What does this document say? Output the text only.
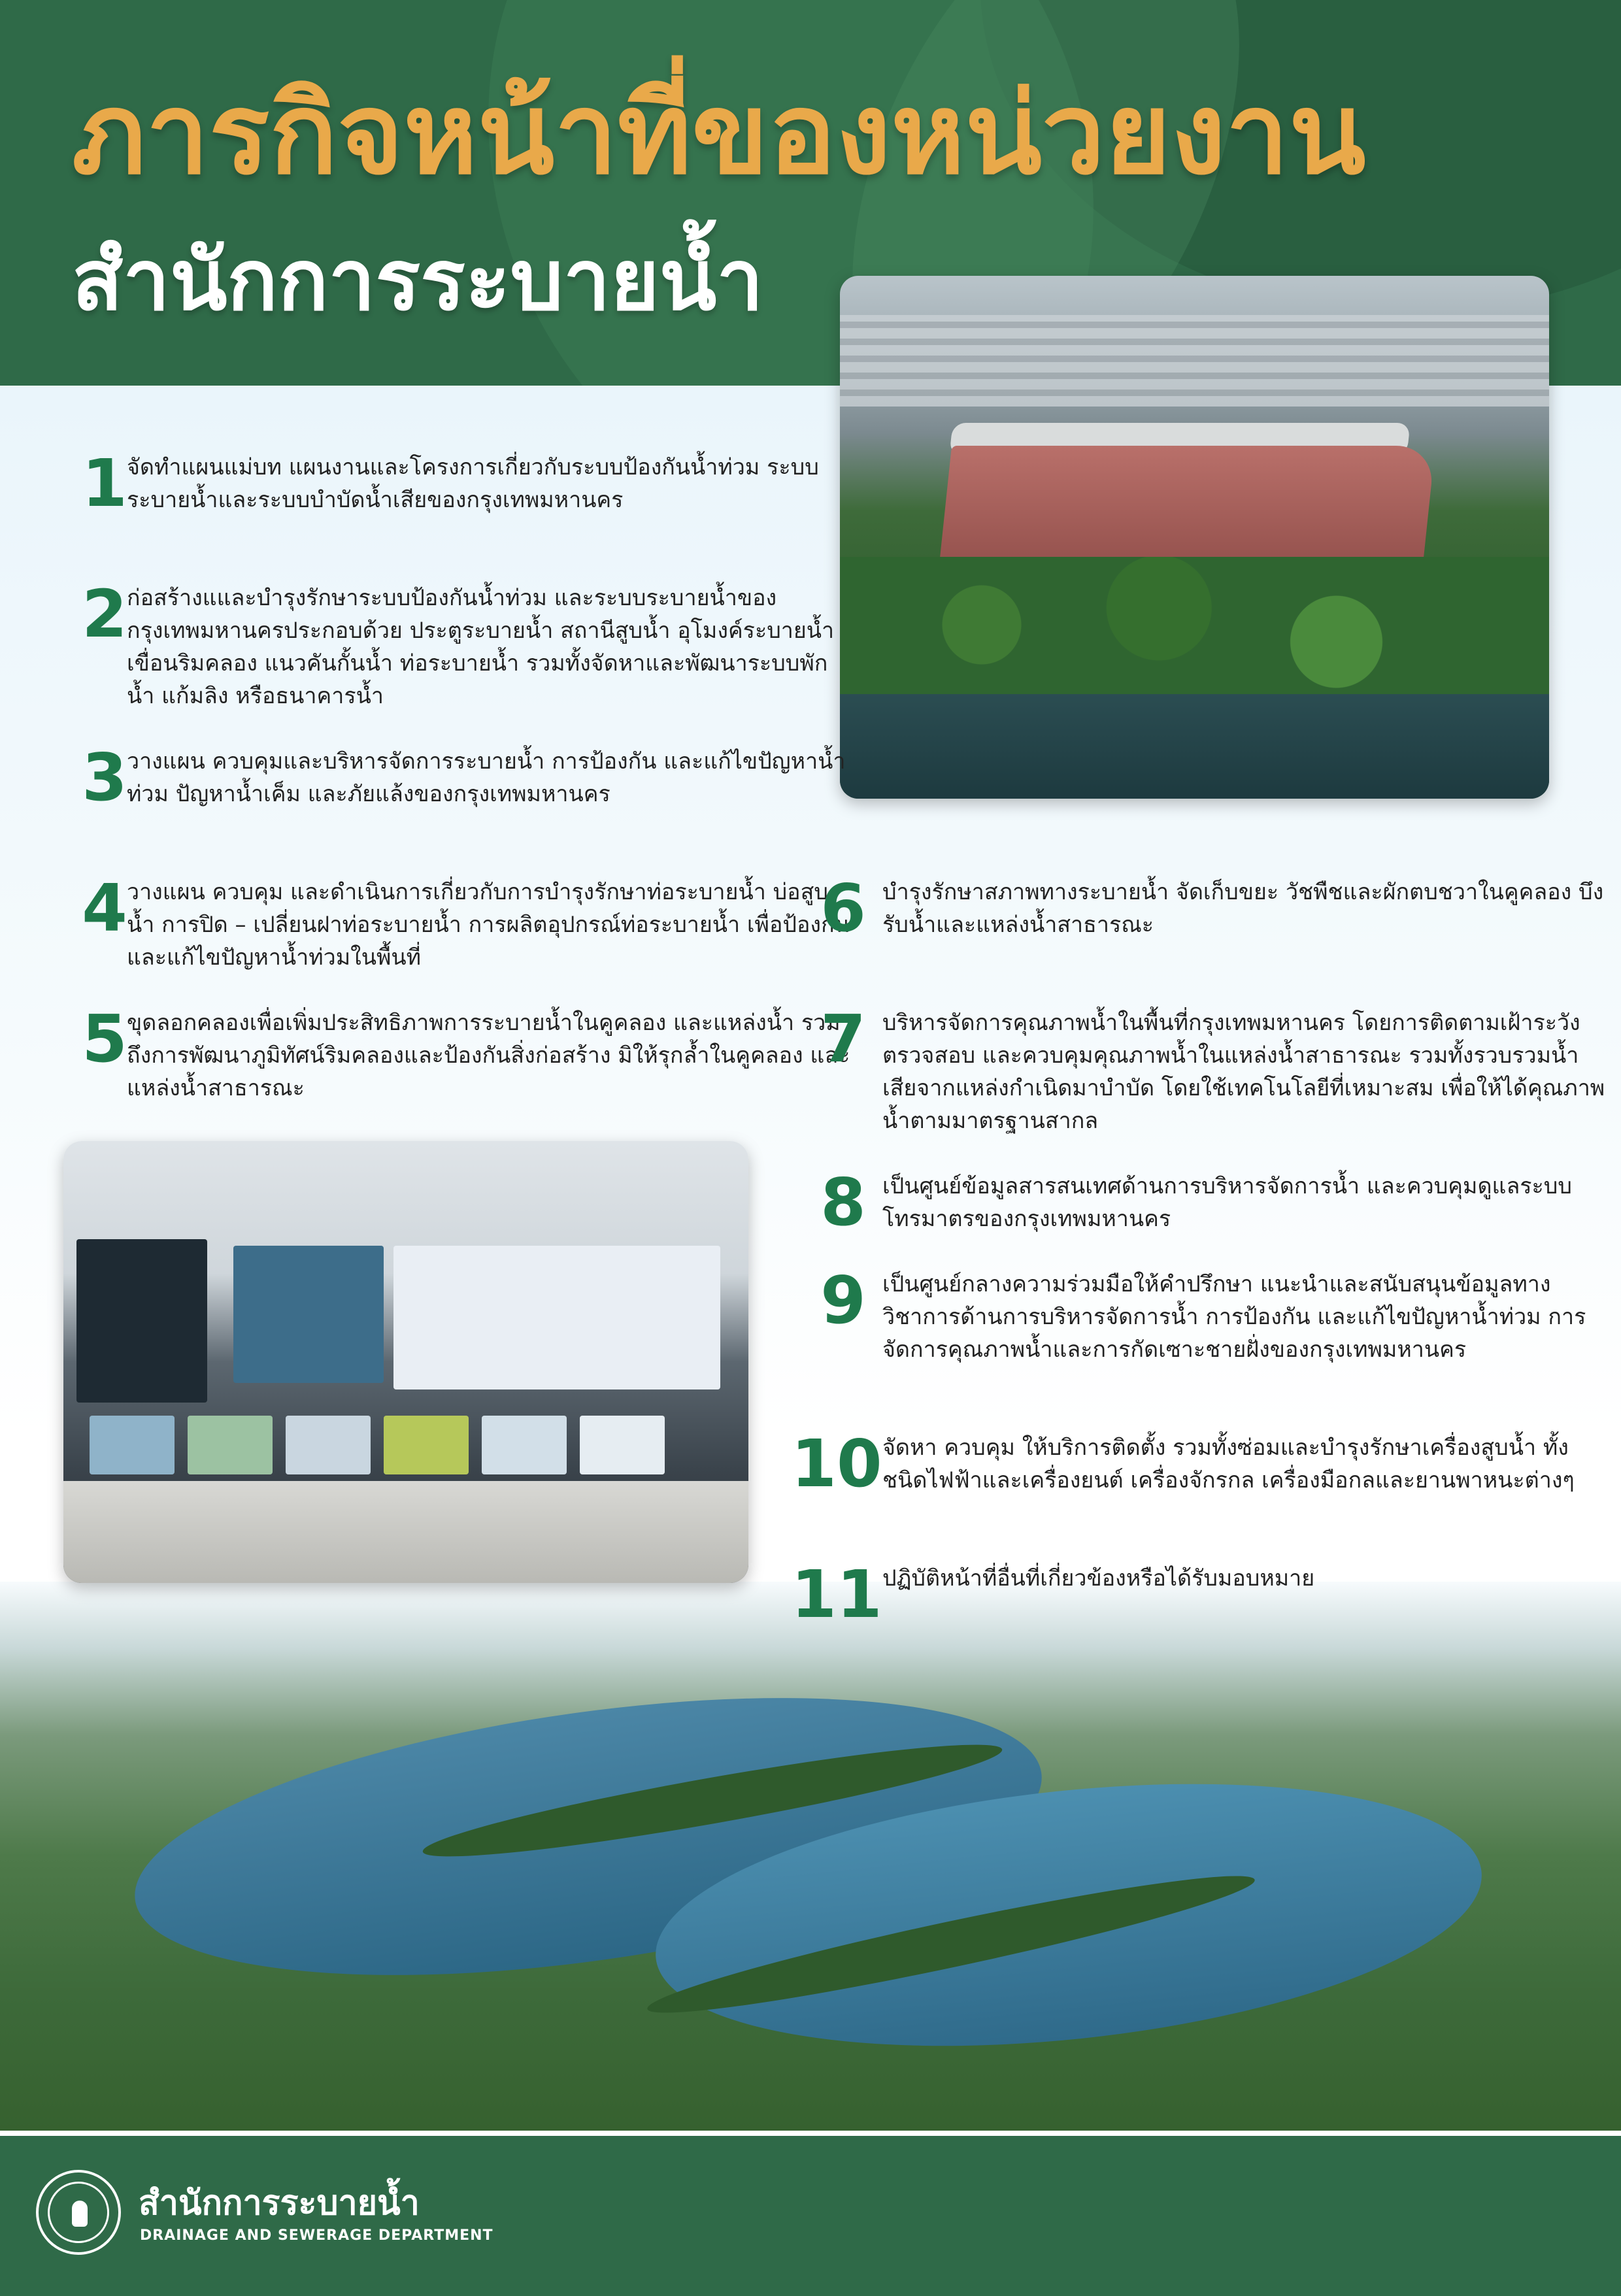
ภารกิจหน้าที่ของหน่วยงาน
สำนักการระบายน้ำ
1 จัดทำแผนแม่บท แผนงานและโครงการเกี่ยวกับระบบป้องกันน้ำท่วม ระบบระบายน้ำและระบบบำบัดน้ำเสียของกรุงเทพมหานคร

2 ก่อสร้างแและบำรุงรักษาระบบป้องกันน้ำท่วม และระบบระบายน้ำของกรุงเทพมหานครประกอบด้วย ประตูระบายน้ำ สถานีสูบน้ำ อุโมงค์ระบายน้ำ เขื่อนริมคลอง แนวคันกั้นน้ำ ท่อระบายน้ำ รวมทั้งจัดหาและพัฒนาระบบพักน้ำ แก้มลิง หรือธนาคารน้ำ

3 วางแผน ควบคุมและบริหารจัดการระบายน้ำ การป้องกัน และแก้ไขปัญหาน้ำท่วม ปัญหาน้ำเค็ม และภัยแล้งของกรุงเทพมหานคร

4 วางแผน ควบคุม และดำเนินการเกี่ยวกับการบำรุงรักษาท่อระบายน้ำ บ่อสูบน้ำ การปิด – เปลี่ยนฝาท่อระบายน้ำ การผลิตอุปกรณ์ท่อระบายน้ำ เพื่อป้องกันและแก้ไขปัญหาน้ำท่วมในพื้นที่

5 ขุดลอกคลองเพื่อเพิ่มประสิทธิภาพการระบายน้ำในคูคลอง และแหล่งน้ำ รวมถึงการพัฒนาภูมิทัศน์ริมคลองและป้องกันสิ่งก่อสร้าง มิให้รุกล้ำในคูคลอง และแหล่งน้ำสาธารณะ

6 บำรุงรักษาสภาพทางระบายน้ำ จัดเก็บขยะ วัชพืชและผักตบชวาในคูคลอง บึงรับน้ำและแหล่งน้ำสาธารณะ

7 บริหารจัดการคุณภาพน้ำในพื้นที่กรุงเทพมหานคร โดยการติดตามเฝ้าระวัง ตรวจสอบ และควบคุมคุณภาพน้ำในแหล่งน้ำสาธารณะ รวมทั้งรวบรวมน้ำเสียจากแหล่งกำเนิดมาบำบัด โดยใช้เทคโนโลยีที่เหมาะสม เพื่อให้ได้คุณภาพน้ำตามมาตรฐานสากล

8 เป็นศูนย์ข้อมูลสารสนเทศด้านการบริหารจัดการน้ำ และควบคุมดูแลระบบโทรมาตรของกรุงเทพมหานคร

9 เป็นศูนย์กลางความร่วมมือให้คำปรึกษา แนะนำและสนับสนุนข้อมูลทางวิชาการด้านการบริหารจัดการน้ำ การป้องกัน และแก้ไขปัญหาน้ำท่วม การจัดการคุณภาพน้ำและการกัดเซาะชายฝั่งของกรุงเทพมหานคร

10 จัดหา ควบคุม ให้บริการติดตั้ง รวมทั้งซ่อมและบำรุงรักษาเครื่องสูบน้ำ ทั้งชนิดไฟฟ้าและเครื่องยนต์ เครื่องจักรกล เครื่องมือกลและยานพาหนะต่างๆ

11 ปฏิบัติหน้าที่อื่นที่เกี่ยวข้องหรือได้รับมอบหมาย

สำนักการระบายน้ำ

DRAINAGE AND SEWERAGE DEPARTMENT
